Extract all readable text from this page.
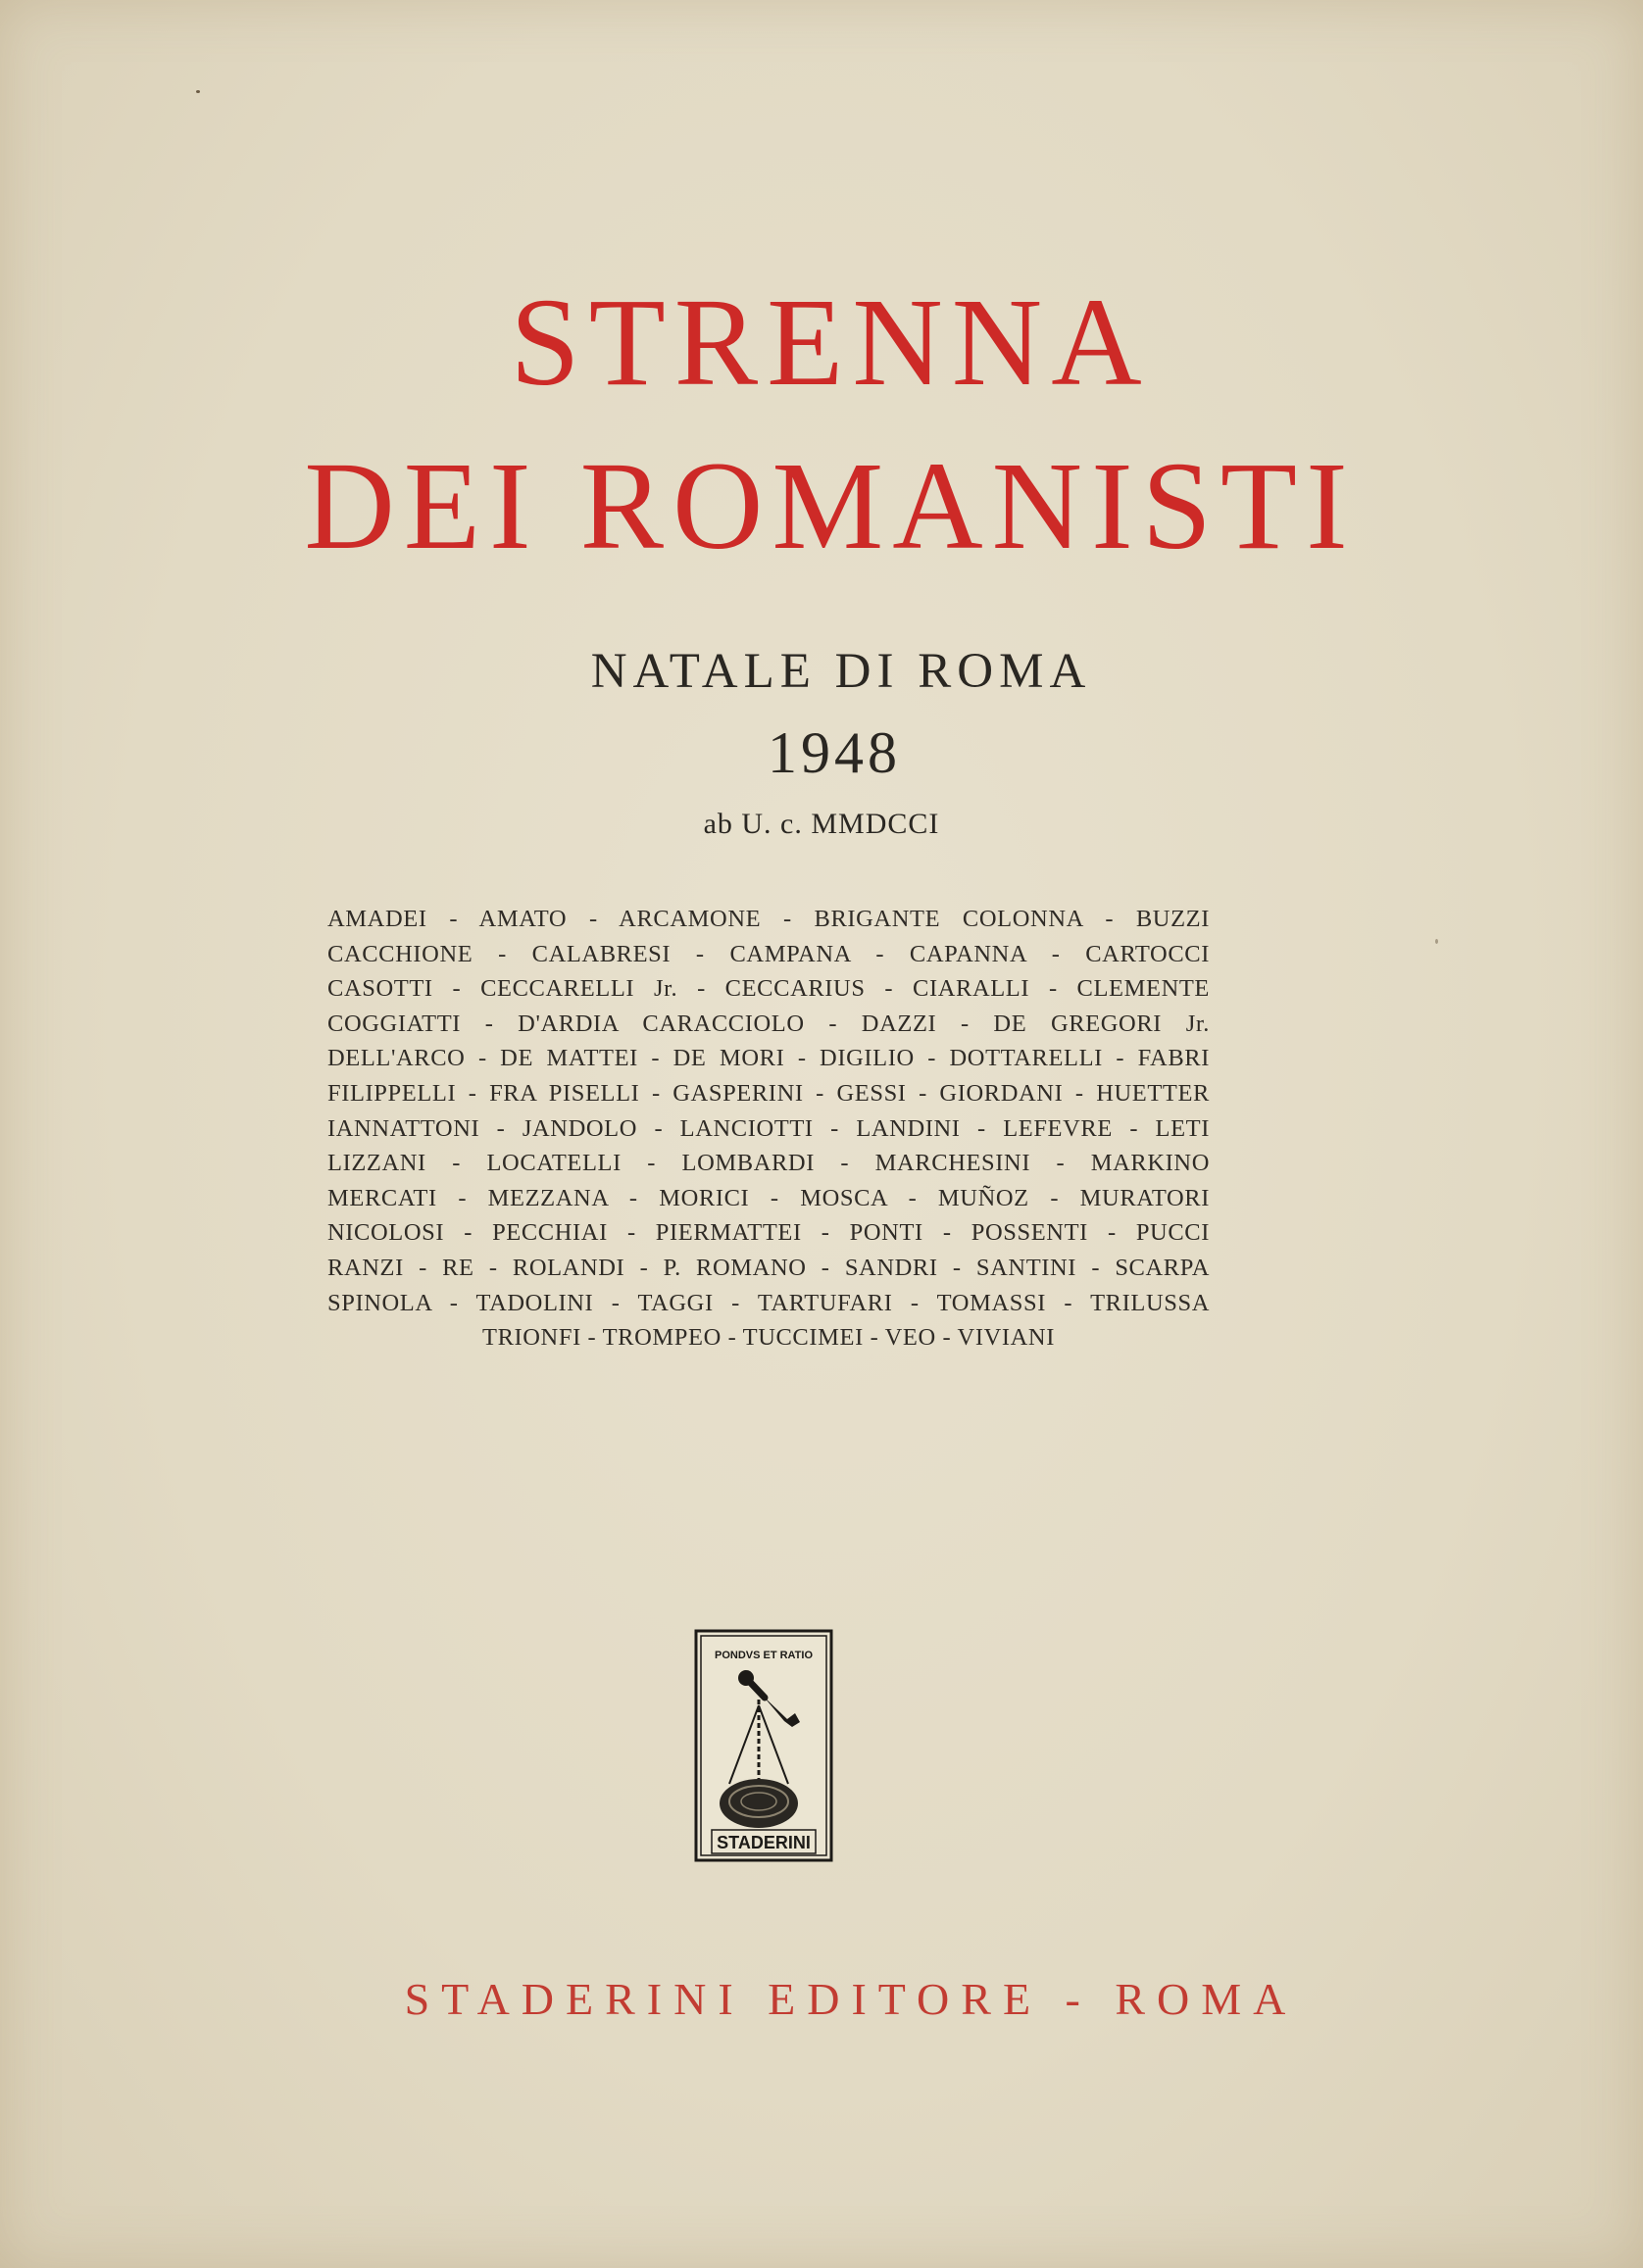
STRENNA
DEI ROMANISTI
NATALE DI ROMA
1948
ab U. c. MMDCCI
AMADEI - AMATO - ARCAMONE - BRIGANTE COLONNA - BUZZI
CACCHIONE - CALABRESI - CAMPANA - CAPANNA - CARTOCCI
CASOTTI - CECCARELLI Jr. - CECCARIUS - CIARALLI - CLEMENTE
COGGIATTI - D'ARDIA CARACCIOLO - DAZZI - DE GREGORI Jr.
DELL'ARCO - DE MATTEI - DE MORI - DIGILIO - DOTTARELLI - FABRI
FILIPPELLI - FRA PISELLI - GASPERINI - GESSI - GIORDANI - HUETTER
IANNATTONI - JANDOLO - LANCIOTTI - LANDINI - LEFEVRE - LETI
LIZZANI - LOCATELLI - LOMBARDI - MARCHESINI - MARKINO
MERCATI - MEZZANA - MORICI - MOSCA - MUÑOZ - MURATORI
NICOLOSI - PECCHIAI - PIERMATTEI - PONTI - POSSENTI - PUCCI
RANZI - RE - ROLANDI - P. ROMANO - SANDRI - SANTINI - SCARPA
SPINOLA - TADOLINI - TAGGI - TARTUFARI - TOMASSI - TRILUSSA
TRIONFI - TROMPEO - TUCCIMEI - VEO - VIVIANI
PONDVS ET RATIO
STADERINI
STADERINI EDITORE - ROMA
